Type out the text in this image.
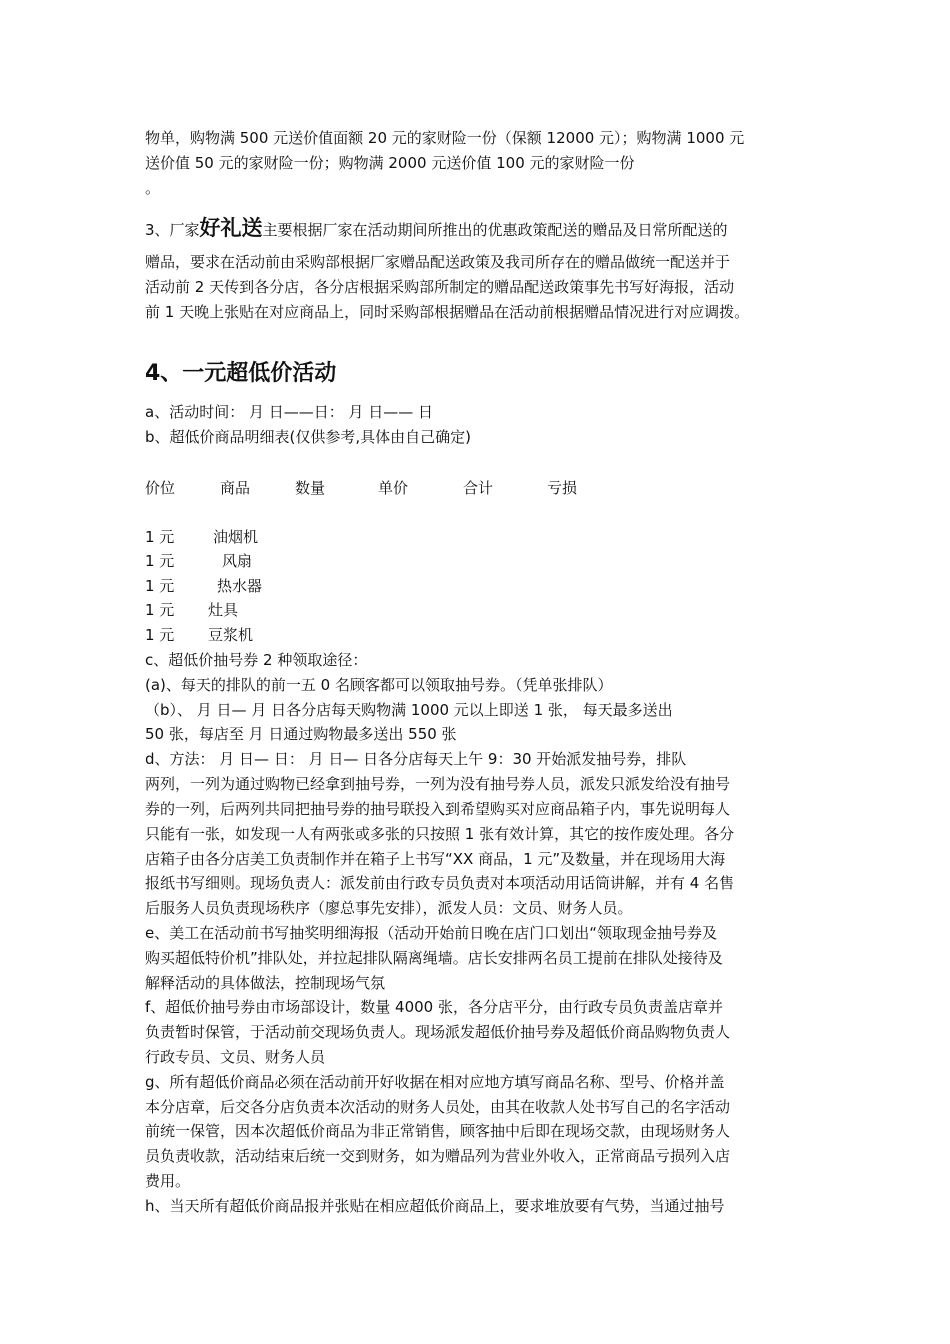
物单，购物满 500 元送价值面额 20 元的家财险一份（保额 12000 元）；购物满 1000 元
送价值 50 元的家财险一份；购物满 2000 元送价值 100 元的家财险一份
。
3、厂家好礼送主要根据厂家在活动期间所推出的优惠政策配送的赠品及日常所配送的
赠品，要求在活动前由采购部根据厂家赠品配送政策及我司所存在的赠品做统一配送并于
活动前 2 天传到各分店，各分店根据采购部所制定的赠品配送政策事先书写好海报，活动
前 1 天晚上张贴在对应商品上，同时采购部根据赠品在活动前根据赠品情况进行对应调拨。
4、一元超低价活动
a、活动时间： 月 日——日： 月 日—— 日
b、超低价商品明细表(仅供参考,具体由自己确定)
价位	商品	数量	单价	合计	亏损
1 元	油烟机
1 元	风扇
1 元	热水器
1 元 灶具
1 元 豆浆机
c、超低价抽号券 2 种领取途径：
(a)、每天的排队的前一五 0 名顾客都可以领取抽号券。（凭单张排队）
（b）、 月 日— 月 日各分店每天购物满 1000 元以上即送 1 张， 每天最多送出
50 张，每店至 月 日通过购物最多送出 550 张
d、方法： 月 日— 日： 月 日— 日各分店每天上午 9：30 开始派发抽号券，排队
两列，一列为通过购物已经拿到抽号券，一列为没有抽号券人员，派发只派发给没有抽号
券的一列，后两列共同把抽号券的抽号联投入到希望购买对应商品箱子内，事先说明每人
只能有一张，如发现一人有两张或多张的只按照 1 张有效计算，其它的按作废处理。各分
店箱子由各分店美工负责制作并在箱子上书写“XX 商品，1 元”及数量，并在现场用大海
报纸书写细则。现场负责人：派发前由行政专员负责对本项活动用话筒讲解，并有 4 名售
后服务人员负责现场秩序（廖总事先安排），派发人员：文员、财务人员。
e、美工在活动前书写抽奖明细海报（活动开始前日晚在店门口划出“领取现金抽号券及
购买超低特价机”排队处，并拉起排队隔离绳墙。店长安排两名员工提前在排队处接待及
解释活动的具体做法，控制现场气氛
f、超低价抽号券由市场部设计，数量 4000 张，各分店平分，由行政专员负责盖店章并
负责暂时保管，于活动前交现场负责人。现场派发超低价抽号券及超低价商品购物负责人
行政专员、文员、财务人员
g、所有超低价商品必须在活动前开好收据在相对应地方填写商品名称、型号、价格并盖
本分店章，后交各分店负责本次活动的财务人员处，由其在收款人处书写自己的名字活动
前统一保管，因本次超低价商品为非正常销售，顾客抽中后即在现场交款，由现场财务人
员负责收款，活动结束后统一交到财务，如为赠品列为营业外收入，正常商品亏损列入店
费用。
h、当天所有超低价商品报并张贴在相应超低价商品上，要求堆放要有气势，当通过抽号
